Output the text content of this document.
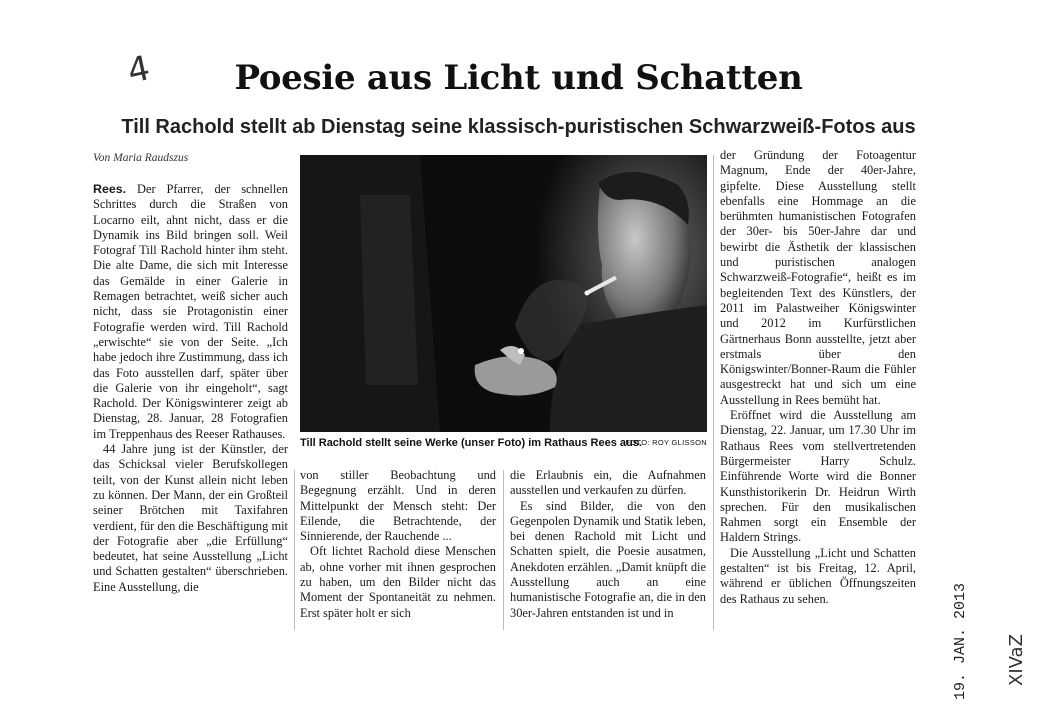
4	Poesie aus Licht und Schatten
Till Rachold stellt ab Dienstag seine klassisch-puristischen Schwarzweiß-Fotos aus
Von Maria Raudszus

Rees. Der Pfarrer, der schnellen Schrittes durch die Straßen von Locarno eilt, ahnt nicht, dass er die Dynamik ins Bild bringen soll. Weil Fotograf Till Rachold hinter ihm steht. Die alte Dame, die sich mit Interesse das Gemälde in einer Galerie in Remagen betrachtet, weiß sicher auch nicht, dass sie Protagonistin einer Fotografie werden wird. Till Rachold „erwischte“ sie von der Seite. „Ich habe jedoch ihre Zustimmung, dass ich das Foto ausstellen darf, später über die Galerie von ihr eingeholt“, sagt Rachold. Der Königswinterer zeigt ab Dienstag, 28. Januar, 28 Fotografien im Treppenhaus des Reeser Rathauses.

44 Jahre jung ist der Künstler, der das Schicksal vieler Berufskollegen teilt, von der Kunst allein nicht leben zu können. Der Mann, der ein Großteil seiner Brötchen mit Taxifahren verdient, für den die Beschäftigung mit der Fotografie aber „die Erfüllung“ bedeutet, hat seine Ausstellung „Licht und Schatten gestalten“ überschrieben. Eine Ausstellung, die

Till Rachold stellt seine Werke (unser Foto) im Rathaus Rees aus.
FOTO: ROY GLISSON

von stiller Beobachtung und Begegnung erzählt. Und in deren Mittelpunkt der Mensch steht: Der Eilende, die Betrachtende, der Sinnierende, der Rauchende ...

Oft lichtet Rachold diese Menschen ab, ohne vorher mit ihnen gesprochen zu haben, um den Bilder nicht das Moment der Spontaneität zu nehmen. Erst später holt er sich

die Erlaubnis ein, die Aufnahmen ausstellen und verkaufen zu dürfen.

Es sind Bilder, die von den Gegenpolen Dynamik und Statik leben, bei denen Rachold mit Licht und Schatten spielt, die Poesie ausatmen, Anekdoten erzählen. „Damit knüpft die Ausstellung auch an eine humanistische Fotografie an, die in den 30er-Jahren entstanden ist und in

der Gründung der Fotoagentur Magnum, Ende der 40er-Jahre, gipfelte. Diese Ausstellung stellt ebenfalls eine Hommage an die berühmten humanistischen Fotografen der 30er- bis 50er-Jahre dar und bewirbt die Ästhetik der klassischen und puristischen analogen Schwarzweiß-Fotografie“, heißt es im begleitenden Text des Künstlers, der 2011 im Palastweiher Königswinter und 2012 im Kurfürstlichen Gärtnerhaus Bonn ausstellte, jetzt aber erstmals über den Königswinter/Bonner-Raum die Fühler ausgestreckt hat und sich um eine Ausstellung in Rees bemüht hat.

Eröffnet wird die Ausstellung am Dienstag, 22. Januar, um 17.30 Uhr im Rathaus Rees vom stellvertretenden Bürgermeister Harry Schulz. Einführende Worte wird die Bonner Kunsthistorikerin Dr. Heidrun Wirth sprechen. Für den musikalischen Rahmen sorgt ein Ensemble der Haldern Strings.

Die Ausstellung „Licht und Schatten gestalten“ ist bis Freitag, 12. April, während er üblichen Öffnungszeiten des Rathaus zu sehen.	19. JAN. 2013 XIVaZ
